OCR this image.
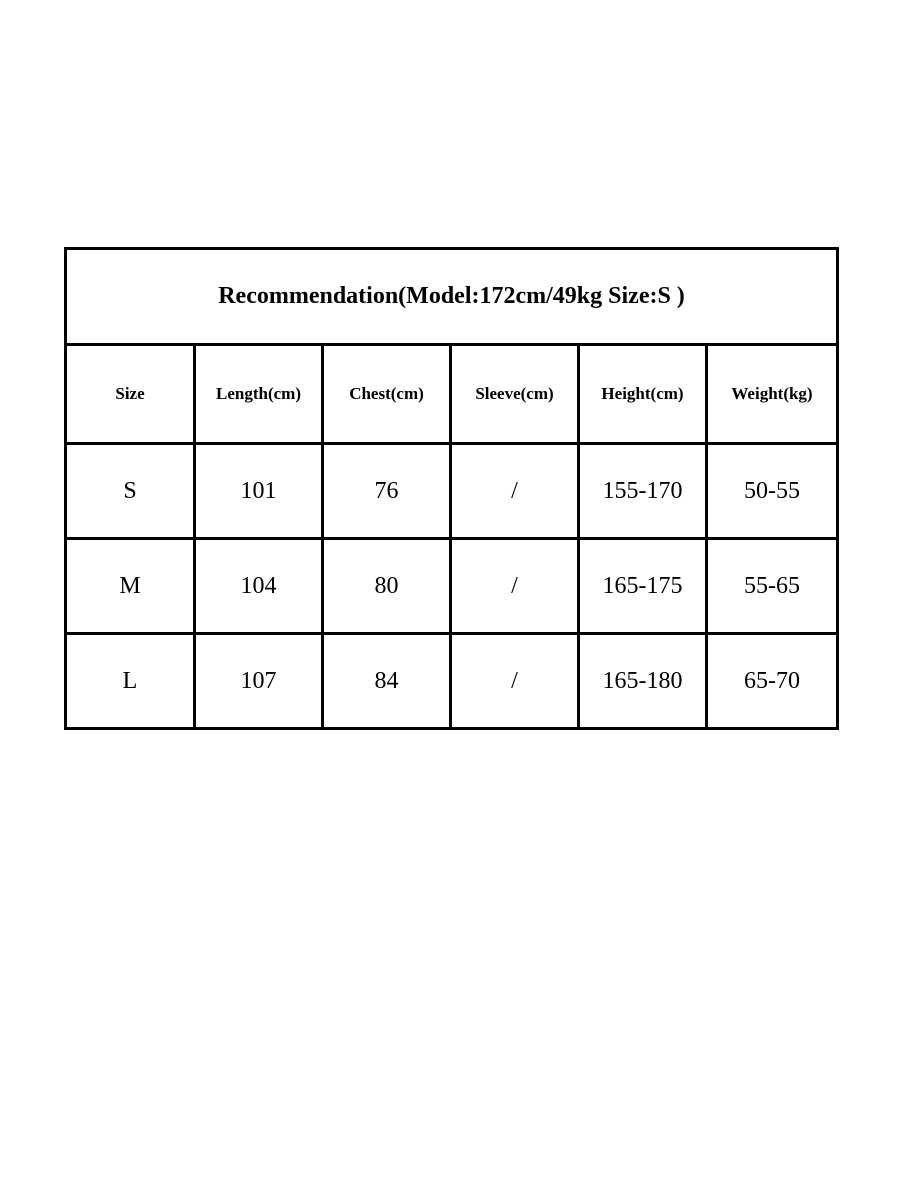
Recommendation(Model:172cm/49kg Size:S )					
Size	Length(cm)	Chest(cm)	Sleeve(cm)	Height(cm)	Weight(kg)
S	101	76	/	155-170	50-55
M	104	80	/	165-175	55-65
L	107	84	/	165-180	65-70
